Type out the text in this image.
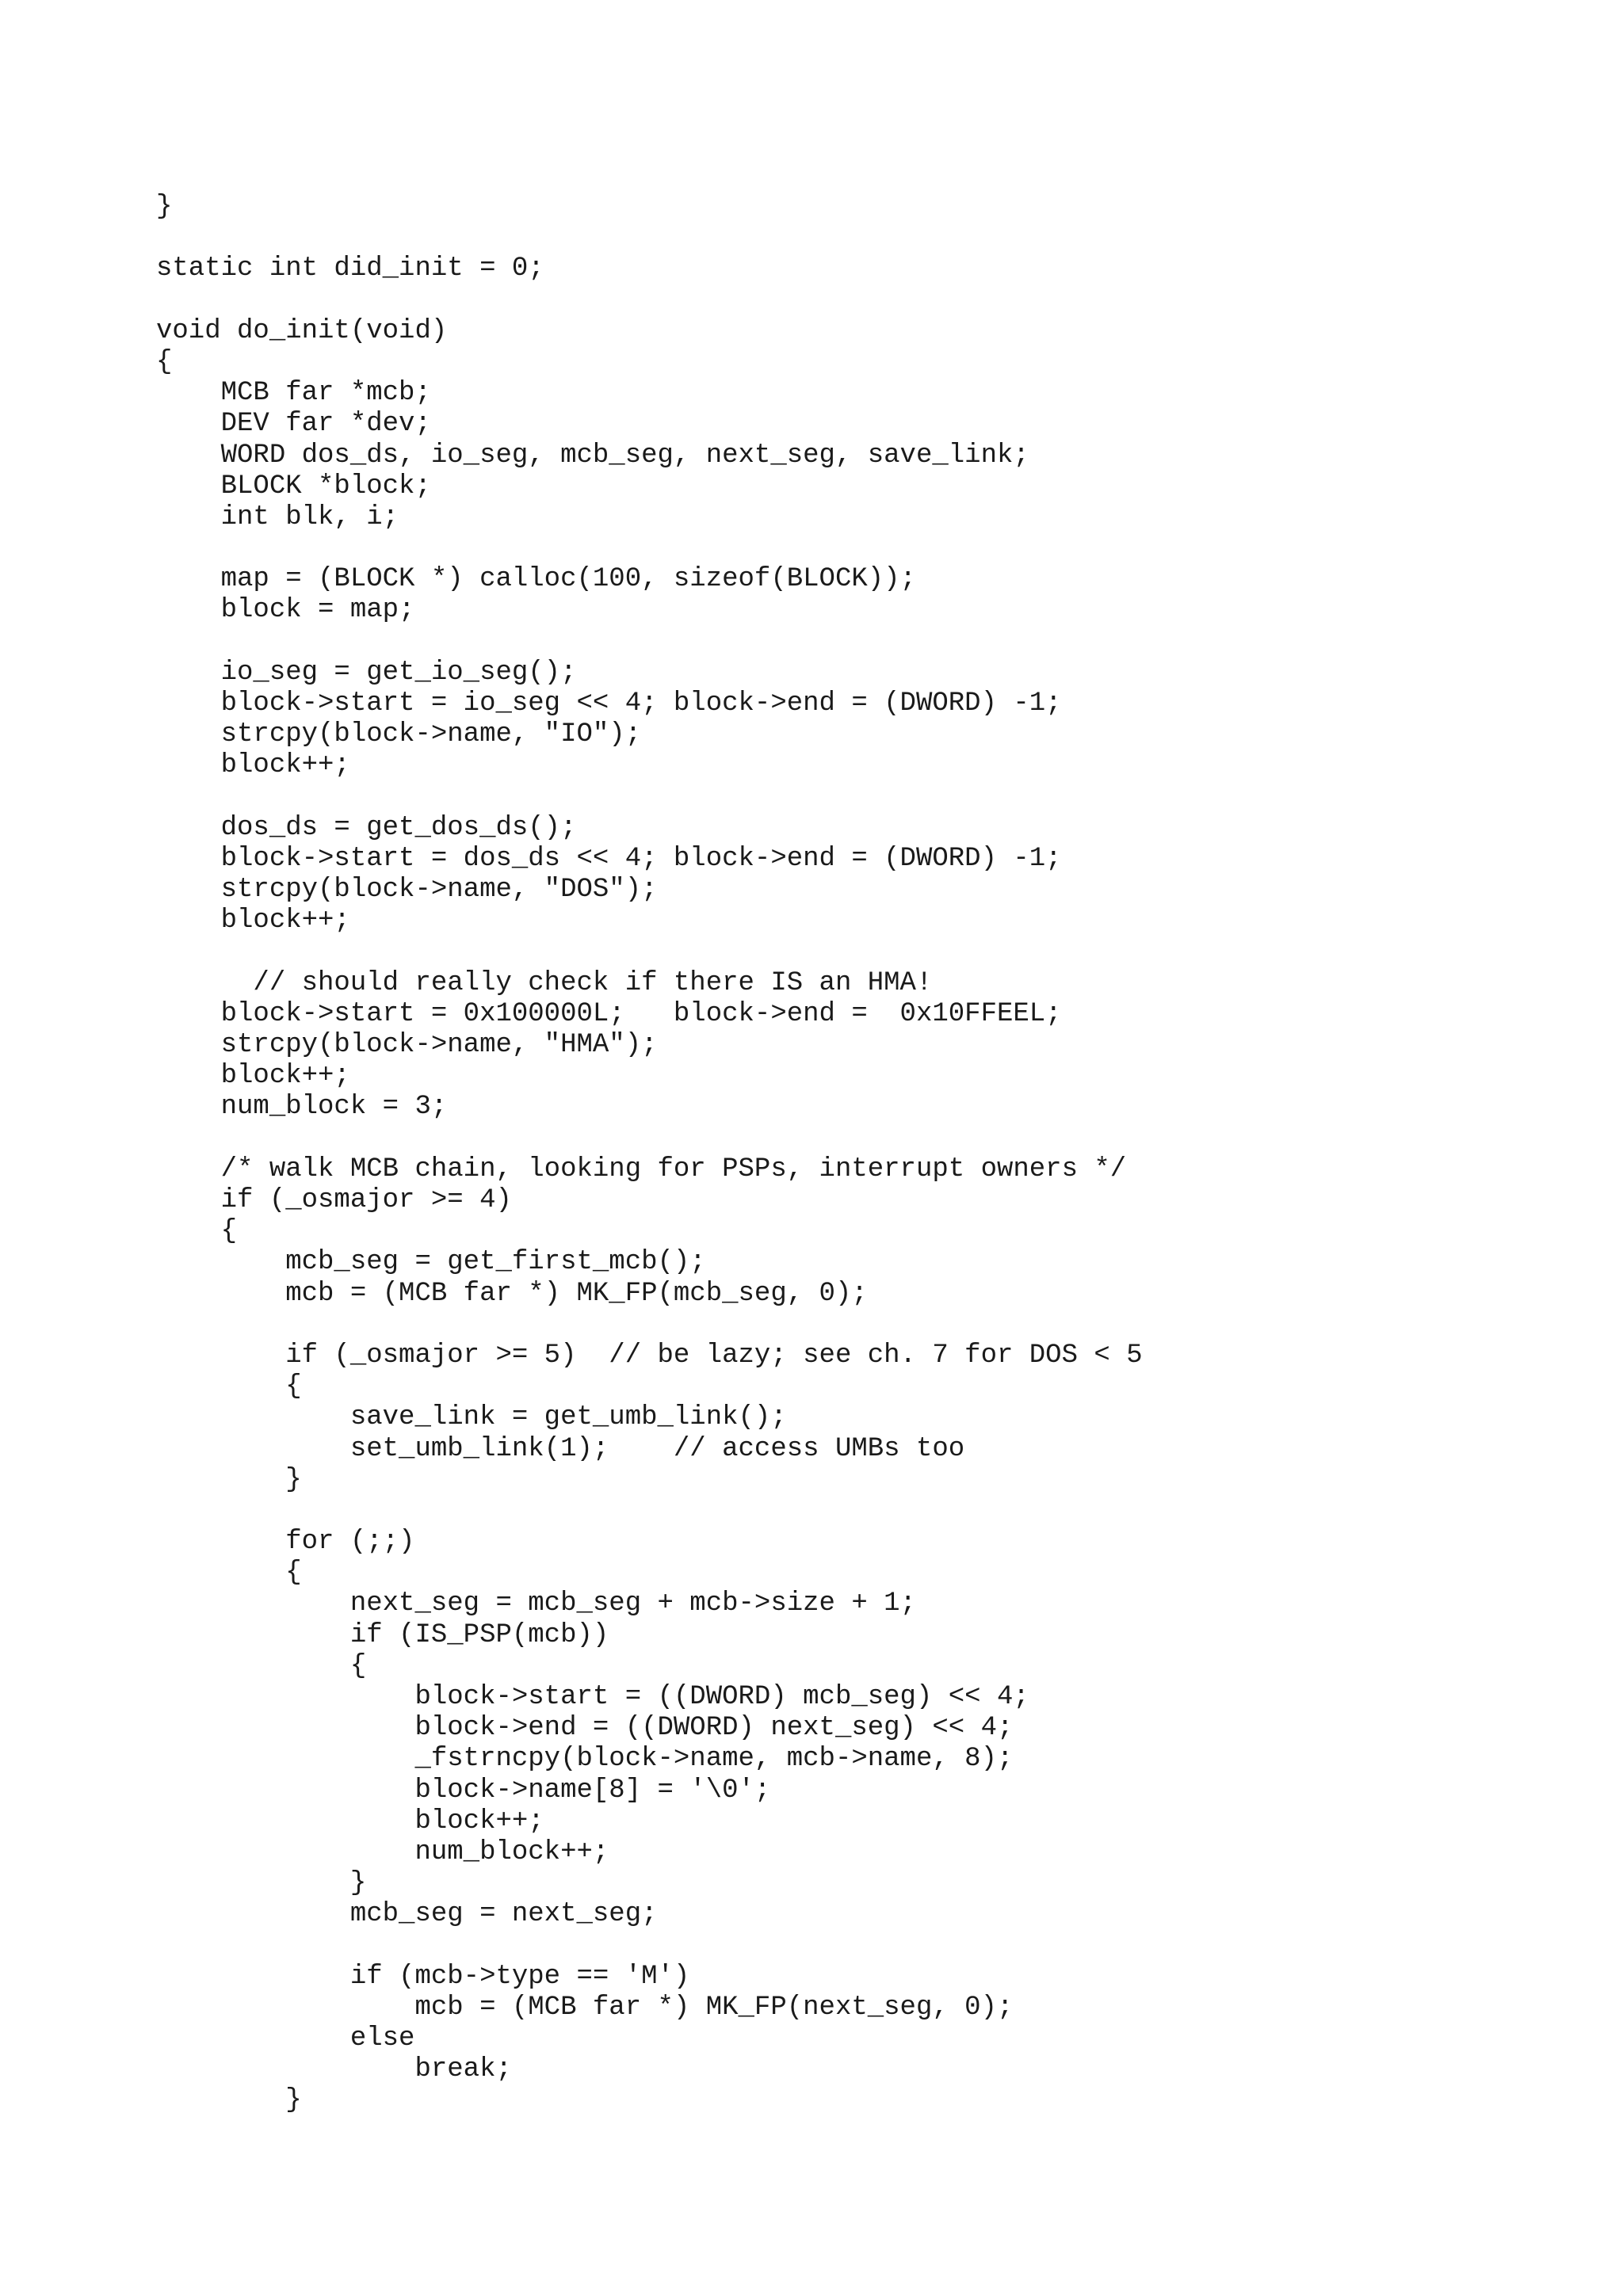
}
static int did_init = 0;
void do_init(void)
{
MCB far *mcb;
DEV far *dev;
WORD dos_ds, io_seg, mcb_seg, next_seg, save_link;
BLOCK *block;
int blk, i;
map = (BLOCK *) calloc(100, sizeof(BLOCK));
block = map;
io_seg = get_io_seg();
block->start = io_seg << 4; block->end = (DWORD) -1;
strcpy(block->name, "IO");
block++;
dos_ds = get_dos_ds();
block->start = dos_ds << 4; block->end = (DWORD) -1;
strcpy(block->name, "DOS");
block++;
// should really check if there IS an HMA!
block->start = 0x100000L;   block->end =  0x10FFEEL;
strcpy(block->name, "HMA");
block++;
num_block = 3;
/* walk MCB chain, looking for PSPs, interrupt owners */
if (_osmajor >= 4)
{
mcb_seg = get_first_mcb();
mcb = (MCB far *) MK_FP(mcb_seg, 0);
if (_osmajor >= 5)  // be lazy; see ch. 7 for DOS < 5
{
save_link = get_umb_link();
set_umb_link(1);    // access UMBs too
}
for (;;)
{
next_seg = mcb_seg + mcb->size + 1;
if (IS_PSP(mcb))
{
block->start = ((DWORD) mcb_seg) << 4;
block->end = ((DWORD) next_seg) << 4;
_fstrncpy(block->name, mcb->name, 8);
block->name[8] = '\0';
block++;
num_block++;
}
mcb_seg = next_seg;
if (mcb->type == 'M')
mcb = (MCB far *) MK_FP(next_seg, 0);
else
break;
}
